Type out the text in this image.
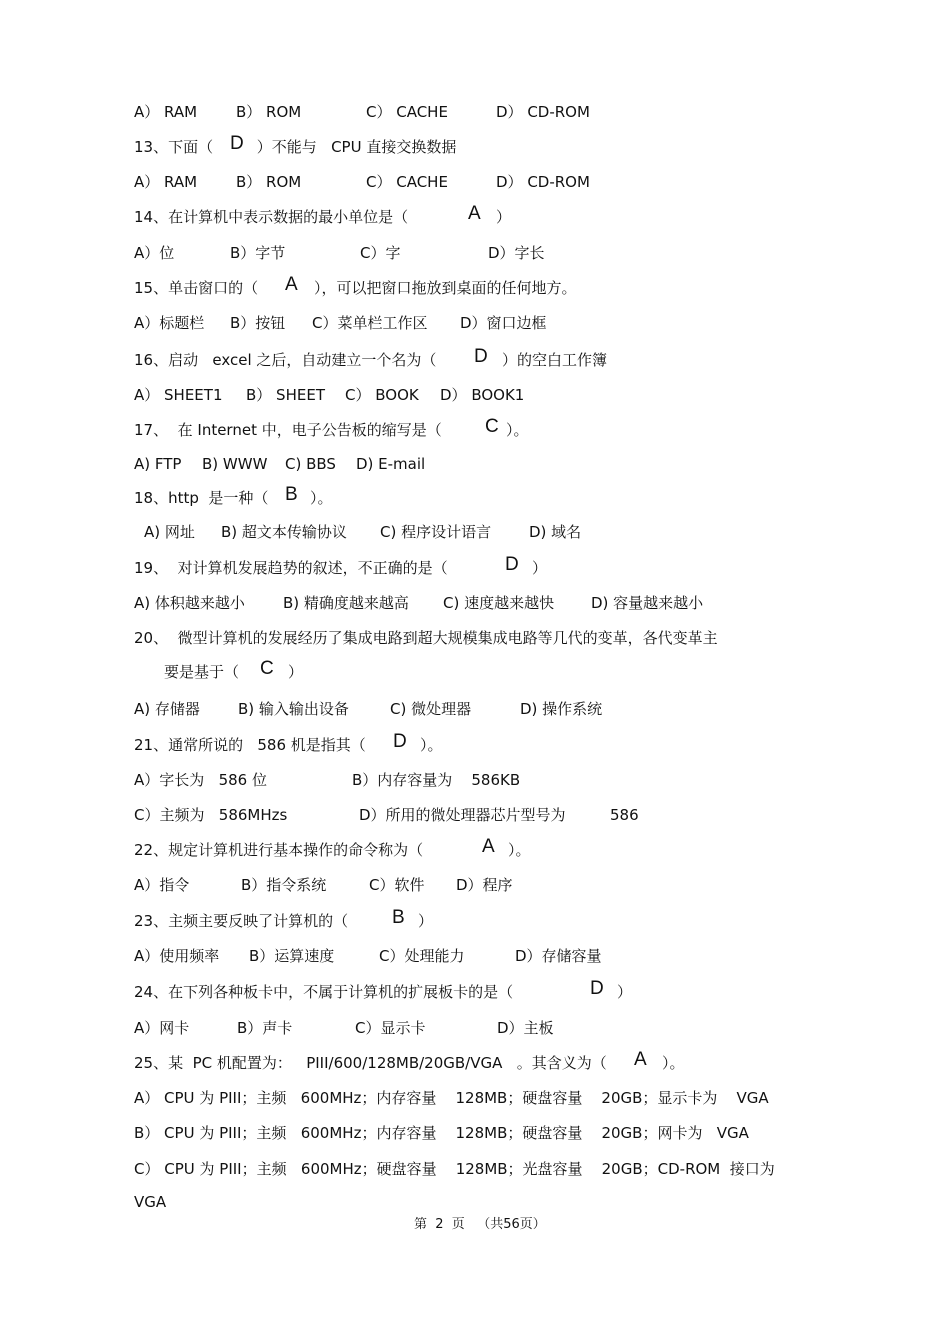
A） RAM	B） ROM	C） CACHE	D） CD-ROM
13、下面（ D ）不能与   CPU 直接交换数据
A） RAM	B） ROM	C） CACHE	D） CD-ROM
14、在计算机中表示数据的最小单位是（	A ）
A）位	B）字节	C）字	D）字长
15、单击窗口的（ A ），可以把窗口拖放到桌面的任何地方。
A）标题栏 B）按钮 C）菜单栏工作区 D）窗口边框
16、启动   excel 之后，自动建立一个名为（ D ）的空白工作簿
A） SHEET1 B） SHEET C） BOOK D） BOOK1
17、  在 Internet 中，电子公告板的缩写是（ C ）。
A) FTP B) WWW C) BBS D) E-mail
18、http  是一种（ B ）。
A) 网址 B) 超文本传输协议 C) 程序设计语言	D) 域名
19、  对计算机发展趋势的叙述，不正确的是（	D ）
A) 体积越来越小	B) 精确度越来越高 C) 速度越来越快 D) 容量越来越小
20、  微型计算机的发展经历了集成电路到超大规模集成电路等几代的变革，各代变革主
要是基于（ C ）
A) 存储器	B) 输入输出设备	C) 微处理器	D) 操作系统
21、通常所说的   586 机是指其（ D ）。
A）字长为   586 位	B）内存容量为    586KB
C）主频为   586MHzs	D）所用的微处理器芯片型号为	586
22、规定计算机进行基本操作的命令称为（	A ）。
A）指令	B）指令系统	C）软件 D）程序
23、主频主要反映了计算机的（ B ）
A）使用频率 B）运算速度	C）处理能力	D）存储容量
24、在下列各种板卡中，不属于计算机的扩展板卡的是（	D ）
A）网卡	B）声卡	C）显示卡	D）主板
25、某  PC 机配置为：   PIII/600/128MB/20GB/VGA   。其含义为（ A ）。
A） CPU 为 PIII；主频   600MHz；内存容量    128MB；硬盘容量    20GB；显示卡为    VGA
B） CPU 为 PIII；主频   600MHz；内存容量    128MB；硬盘容量    20GB；网卡为   VGA
C） CPU 为 PIII；主频   600MHz；硬盘容量    128MB；光盘容量    20GB；CD-ROM  接口为
VGA
第  2  页   （共56页）
